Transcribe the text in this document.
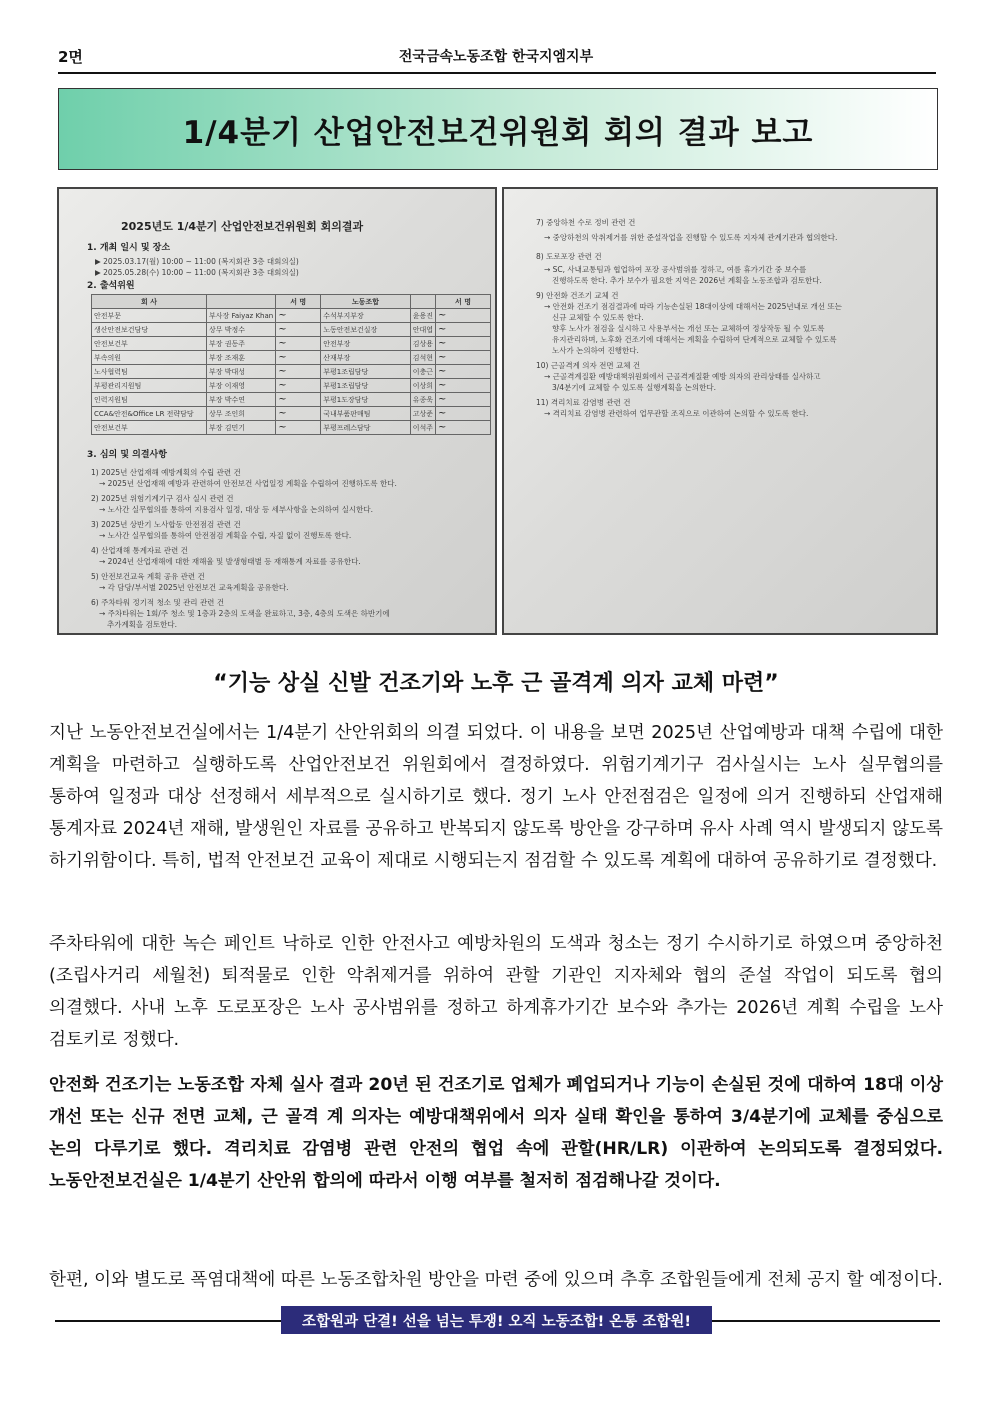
2면	전국금속노동조합 한국지엠지부
1/4분기 산업안전보건위원회 회의 결과 보고
2025년도 1/4분기 산업안전보건위원회 회의결과
1. 개최 일시 및 장소
▶ 2025.03.17(월) 10:00 ~ 11:00 (복지회관 3층 대회의실)
▶ 2025.05.28(수) 10:00 ~ 11:00 (복지회관 3층 대회의실)
2. 출석위원
회 사		서 명	노동조합		서 명
안전부문	부사장 Faiyaz Khan	~	수석부지부장	윤용진	~
생산안전보건담당	상무 박정수	~	노동안전보건실장	안대엽	~
안전보건부	부장 권동주	~	안전부장	김상용	~
부속의원	부장 조재훈	~	산재부장	김석현	~
노사협력팀	부장 박대성	~	부평1조립담당	이충근	~
부평관리지원팀	부장 이재영	~	부평1조립담당	이상희	~
인력지원팀	부장 박수연	~	부평1도장담당	유종욱	~
CCA&안전&Office LR 전략담당	상무 조인희	~	국내부품판매팀	고상준	~
안전보건부	부장 김민기	~	부평프레스담당	이석주	~
3. 심의 및 의결사항
1) 2025년 산업재해 예방계획의 수립 관련 건
→ 2025년 산업재해 예방과 관련하여 안전보건 사업일정 계획을 수립하여 진행하도록 한다.
2) 2025년 위험기계기구 검사 실시 관련 건
→ 노사간 실무협의를 통하여 지용검사 일정, 대상 등 세부사항을 논의하여 실시한다.
3) 2025년 상반기 노사합동 안전점검 관련 건
→ 노사간 실무협의를 통하여 안전점검 계획을 수립, 자질 없이 진행토록 한다.
4) 산업재해 통계자료 관련 건
→ 2024년 산업재해에 대한 재해율 및 발생형태별 등 재해통계 자료를 공유한다.
5) 안전보건교육 계획 공유 관련 건
→ 각 담당/부서별 2025년 안전보건 교육계획을 공유한다.
6) 주차타워 정기적 청소 및 관리 관련 건
→ 주차타워는 1회/주 청소 및 1층과 2층의 도색을 완료하고, 3층, 4층의 도색은 하반기에
추가계획을 검토한다.
7) 중앙하천 수로 정비 관련 건
→ 중앙하천의 악취제거를 위한 준설작업을 진행할 수 있도록 지자체 관계기관과 협의한다.
8) 도로포장 관련 건
→ SC, 사내교통팀과 협업하여 포장 공사범위를 정하고, 여름 휴가기간 중 보수를
진행하도록 한다. 추가 보수가 필요한 지역은 2026년 계획을 노동조합과 검토한다.
9) 안전화 건조기 교체 건
→ 안전화 건조기 점검결과에 따라 기능손실된 18대이상에 대해서는 2025년내로 개선 또는
신규 교체할 수 있도록 한다.
향후 노사가 점검을 실시하고 사용부서는 개선 또는 교체하여 정상작동 될 수 있도록
유지관리하며, 노후화 건조기에 대해서는 계획을 수립하여 단계적으로 교체할 수 있도록
노사가 논의하여 진행한다.
10) 근골격계 의자 전면 교체 건
→ 근골격계질환 예방대책위원회에서 근골격계질환 예방 의자의 관리상태를 실사하고
3/4분기에 교체할 수 있도록 실행계획을 논의한다.
11) 격리치료 감염병 관련 건
→ 격리치료 감염병 관련하여 업무관할 조직으로 이관하여 논의할 수 있도록 한다.
“기능 상실 신발 건조기와 노후 근 골격계 의자 교체 마련”

지난 노동안전보건실에서는 1/4분기 산안위회의 의결 되었다. 이 내용을 보면 2025년 산업예방과 대책 수립에 대한 계획을 마련하고 실행하도록 산업안전보건 위원회에서 결정하였다. 위험기계기구 검사실시는 노사 실무협의를 통하여 일정과 대상 선정해서 세부적으로 실시하기로 했다. 정기 노사 안전점검은 일정에 의거 진행하되 산업재해 통계자료 2024년 재해, 발생원인 자료를 공유하고 반복되지 않도록 방안을 강구하며 유사 사례 역시 발생되지 않도록 하기위함이다. 특히, 법적 안전보건 교육이 제대로 시행되는지 점검할 수 있도록 계획에 대하여 공유하기로 결정했다.

주차타워에 대한 녹슨 페인트 낙하로 인한 안전사고 예방차원의 도색과 청소는 정기 수시하기로 하였으며 중앙하천(조립사거리 세월천) 퇴적물로 인한 악취제거를 위하여 관할 기관인 지자체와 협의 준설 작업이 되도록 협의 의결했다. 사내 노후 도로포장은 노사 공사범위를 정하고 하계휴가기간 보수와 추가는 2026년 계획 수립을 노사 검토키로 정했다.

안전화 건조기는 노동조합 자체 실사 결과 20년 된 건조기로 업체가 폐업되거나 기능이 손실된 것에 대하여 18대 이상 개선 또는 신규 전면 교체, 근 골격 계 의자는 예방대책위에서 의자 실태 확인을 통하여 3/4분기에 교체를 중심으로 논의 다루기로 했다. 격리치료 감염병 관련 안전의 협업 속에 관할(HR/LR) 이관하여 논의되도록 결정되었다. 노동안전보건실은 1/4분기 산안위 합의에 따라서 이행 여부를 철저히 점검해나갈 것이다.

한편, 이와 별도로 폭염대책에 따른 노동조합차원 방안을 마련 중에 있으며 추후 조합원들에게 전체 공지 할 예정이다.

조합원과 단결! 선을 넘는 투쟁! 오직 노동조합! 온통 조합원!
